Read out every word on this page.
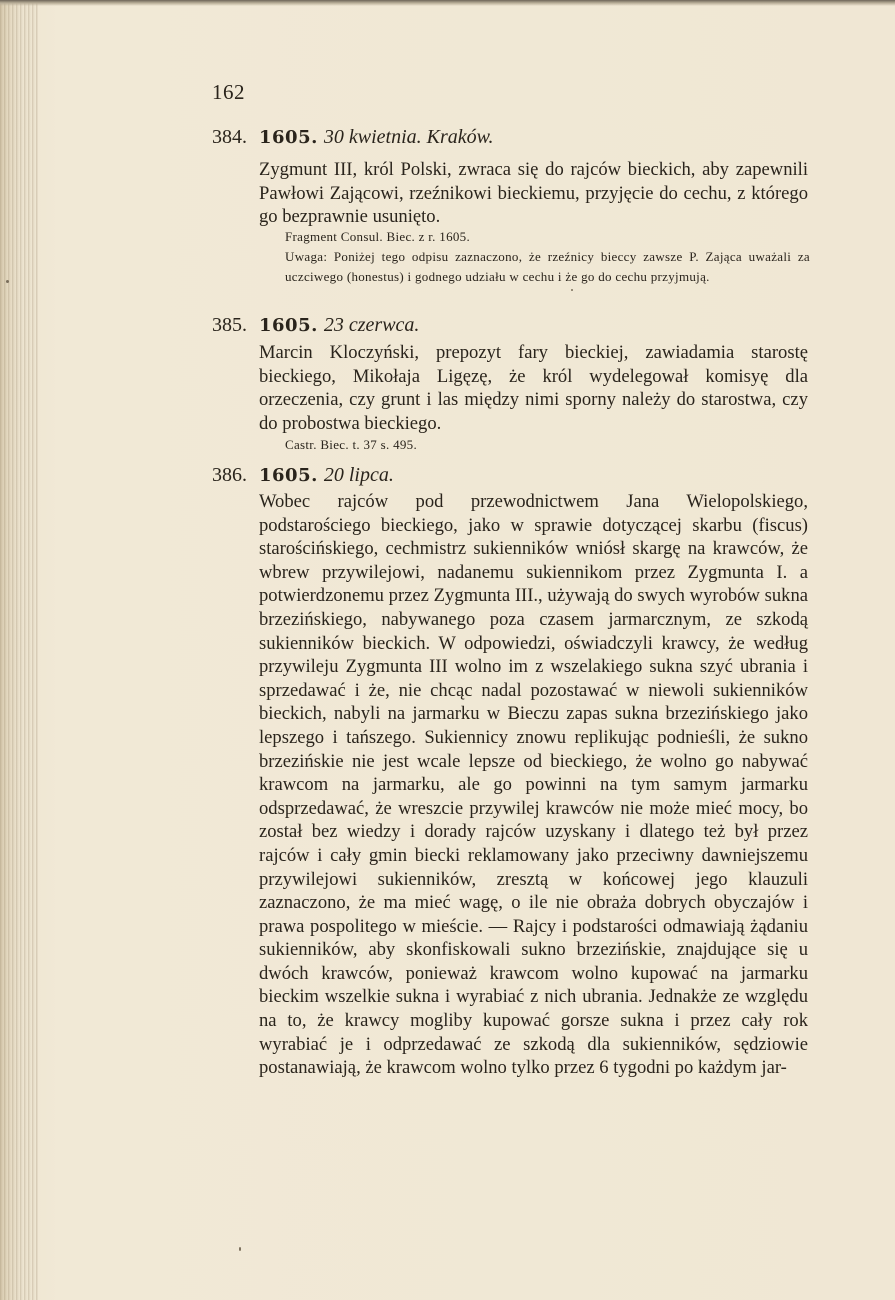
162
384. 1605. 30 kwietnia. Kraków.
Zygmunt III, król Polski, zwraca się do rajców bieckich, aby zapewnili Pawłowi Zającowi, rzeźnikowi bieckiemu, przyjęcie do cechu, z którego go bezprawnie usunięto.
Fragment Consul. Biec. z r. 1605.
Uwaga: Poniżej tego odpisu zaznaczono, że rzeźnicy bieccy zawsze P. Zająca uważali za uczciwego (honestus) i godnego udziału w cechu i że go do cechu przyjmują.
385. 1605. 23 czerwca.
Marcin Kloczyński, prepozyt fary bieckiej, zawiadamia starostę bieckiego, Mikołaja Ligęzę, że król wydelegował komisyę dla orzeczenia, czy grunt i las między nimi sporny należy do starostwa, czy do probostwa bieckiego.
Castr. Biec. t. 37 s. 495.
386. 1605. 20 lipca.
Wobec rajców pod przewodnictwem Jana Wielopolskiego, podstarościego bieckiego, jako w sprawie dotyczącej skarbu (fiscus) starościńskiego, cechmistrz sukienników wniósł skargę na krawców, że wbrew przywilejowi, nadanemu sukiennikom przez Zygmunta I. a potwierdzonemu przez Zygmunta III., używają do swych wyrobów sukna brzezińskiego, nabywanego poza czasem jarmarcznym, ze szkodą sukienników bieckich. W odpowiedzi, oświadczyli krawcy, że według przywileju Zygmunta III wolno im z wszelakiego sukna szyć ubrania i sprzedawać i że, nie chcąc nadal pozostawać w niewoli sukienników bieckich, nabyli na jarmarku w Bieczu zapas sukna brzezińskiego jako lepszego i tańszego. Sukiennicy znowu replikując podnieśli, że sukno brzezińskie nie jest wcale lepsze od bieckiego, że wolno go nabywać krawcom na jarmarku, ale go powinni na tym samym jarmarku odsprzedawać, że wreszcie przywilej krawców nie może mieć mocy, bo został bez wiedzy i dorady rajców uzyskany i dlatego też był przez rajców i cały gmin biecki reklamowany jako przeciwny dawniejszemu przywilejowi sukienników, zresztą w końcowej jego klauzuli zaznaczono, że ma mieć wagę, o ile nie obraża dobrych obyczajów i prawa pospolitego w mieście. — Rajcy i podstarości odmawiają żądaniu sukienników, aby skonfiskowali sukno brzezińskie, znajdujące się u dwóch krawców, ponieważ krawcom wolno kupować na jarmarku bieckim wszelkie sukna i wyrabiać z nich ubrania. Jednakże ze względu na to, że krawcy mogliby kupować gorsze sukna i przez cały rok wyrabiać je i odprzedawać ze szkodą dla sukienników, sędziowie postanawiają, że krawcom wolno tylko przez 6 tygodni po każdym jar-
